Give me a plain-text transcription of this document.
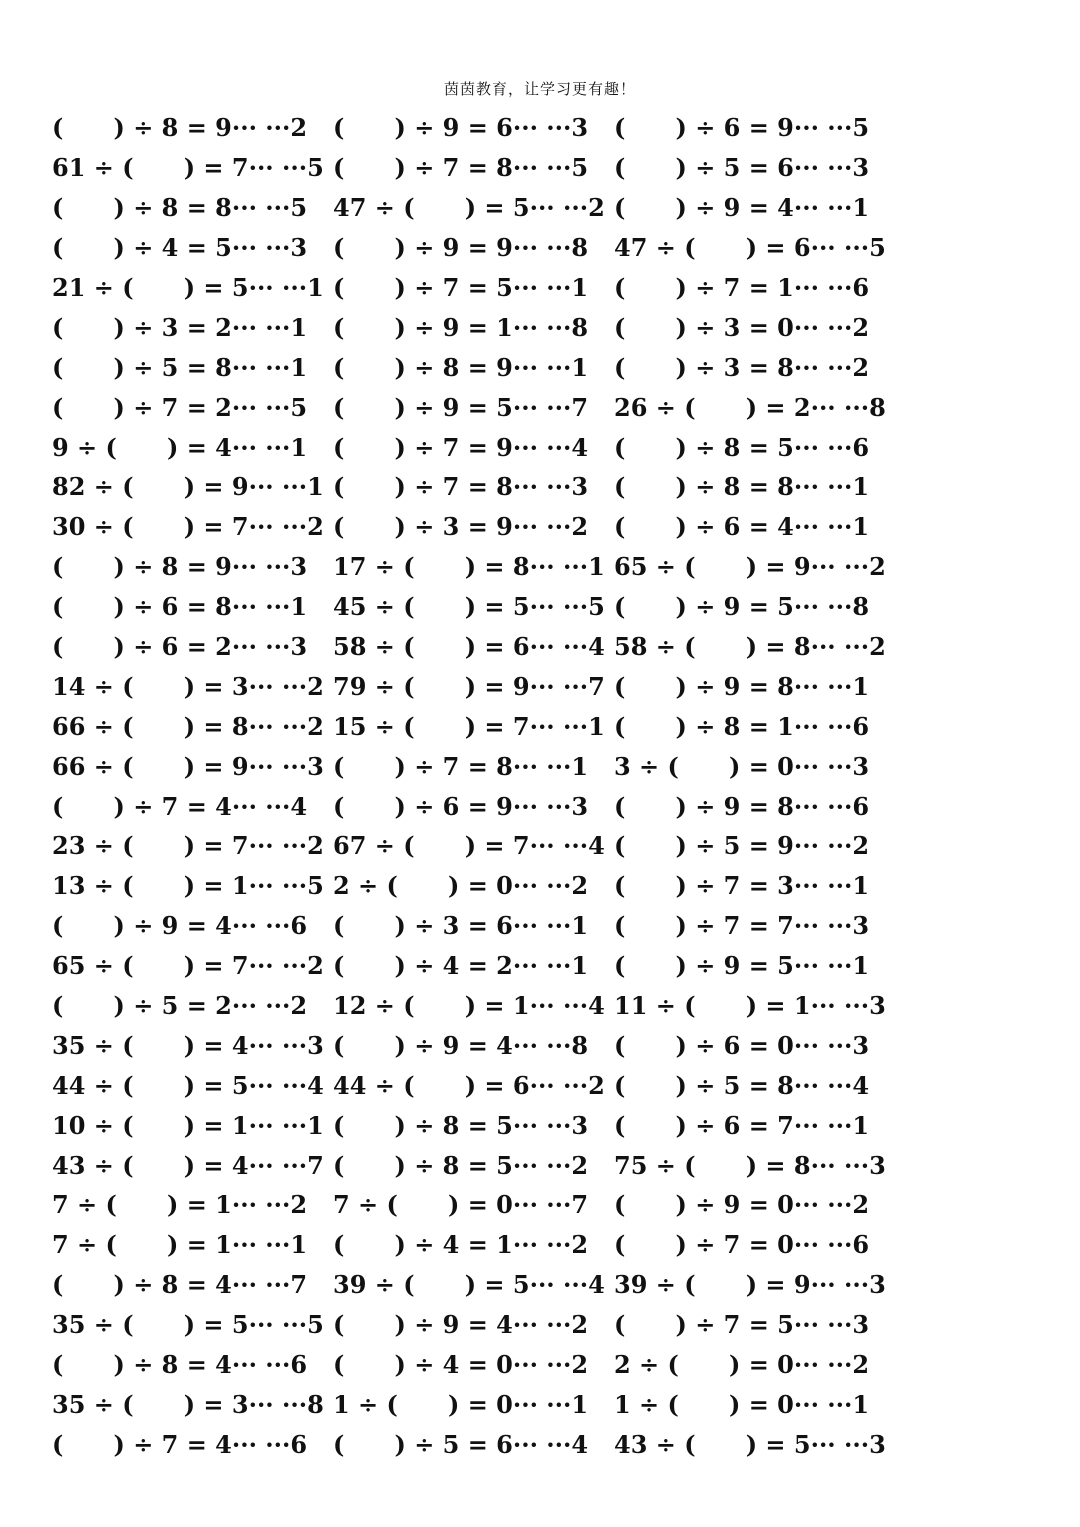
茵茵教育，让学习更有趣！
(      ) ÷ 8 = 9··· ···2	(      ) ÷ 9 = 6··· ···3	(      ) ÷ 6 = 9··· ···5
61 ÷ (      ) = 7··· ···5 (      ) ÷ 7 = 8··· ···5	(      ) ÷ 5 = 6··· ···3
(      ) ÷ 8 = 8··· ···5	47 ÷ (      ) = 5··· ···2 (      ) ÷ 9 = 4··· ···1
(      ) ÷ 4 = 5··· ···3	(      ) ÷ 9 = 9··· ···8	47 ÷ (      ) = 6··· ···5
21 ÷ (      ) = 5··· ···1 (      ) ÷ 7 = 5··· ···1	(      ) ÷ 7 = 1··· ···6
(      ) ÷ 3 = 2··· ···1	(      ) ÷ 9 = 1··· ···8	(      ) ÷ 3 = 0··· ···2
(      ) ÷ 5 = 8··· ···1	(      ) ÷ 8 = 9··· ···1	(      ) ÷ 3 = 8··· ···2
(      ) ÷ 7 = 2··· ···5	(      ) ÷ 9 = 5··· ···7	26 ÷ (      ) = 2··· ···8
9 ÷ (      ) = 4··· ···1	(      ) ÷ 7 = 9··· ···4	(      ) ÷ 8 = 5··· ···6
82 ÷ (      ) = 9··· ···1 (      ) ÷ 7 = 8··· ···3	(      ) ÷ 8 = 8··· ···1
30 ÷ (      ) = 7··· ···2 (      ) ÷ 3 = 9··· ···2	(      ) ÷ 6 = 4··· ···1
(      ) ÷ 8 = 9··· ···3	17 ÷ (      ) = 8··· ···1 65 ÷ (      ) = 9··· ···2
(      ) ÷ 6 = 8··· ···1	45 ÷ (      ) = 5··· ···5 (      ) ÷ 9 = 5··· ···8
(      ) ÷ 6 = 2··· ···3	58 ÷ (      ) = 6··· ···4 58 ÷ (      ) = 8··· ···2
14 ÷ (      ) = 3··· ···2 79 ÷ (      ) = 9··· ···7 (      ) ÷ 9 = 8··· ···1
66 ÷ (      ) = 8··· ···2 15 ÷ (      ) = 7··· ···1 (      ) ÷ 8 = 1··· ···6
66 ÷ (      ) = 9··· ···3 (      ) ÷ 7 = 8··· ···1	3 ÷ (      ) = 0··· ···3
(      ) ÷ 7 = 4··· ···4	(      ) ÷ 6 = 9··· ···3	(      ) ÷ 9 = 8··· ···6
23 ÷ (      ) = 7··· ···2 67 ÷ (      ) = 7··· ···4 (      ) ÷ 5 = 9··· ···2
13 ÷ (      ) = 1··· ···5 2 ÷ (      ) = 0··· ···2	(      ) ÷ 7 = 3··· ···1
(      ) ÷ 9 = 4··· ···6	(      ) ÷ 3 = 6··· ···1	(      ) ÷ 7 = 7··· ···3
65 ÷ (      ) = 7··· ···2 (      ) ÷ 4 = 2··· ···1	(      ) ÷ 9 = 5··· ···1
(      ) ÷ 5 = 2··· ···2	12 ÷ (      ) = 1··· ···4 11 ÷ (      ) = 1··· ···3
35 ÷ (      ) = 4··· ···3 (      ) ÷ 9 = 4··· ···8	(      ) ÷ 6 = 0··· ···3
44 ÷ (      ) = 5··· ···4 44 ÷ (      ) = 6··· ···2 (      ) ÷ 5 = 8··· ···4
10 ÷ (      ) = 1··· ···1 (      ) ÷ 8 = 5··· ···3	(      ) ÷ 6 = 7··· ···1
43 ÷ (      ) = 4··· ···7 (      ) ÷ 8 = 5··· ···2	75 ÷ (      ) = 8··· ···3
7 ÷ (      ) = 1··· ···2	7 ÷ (      ) = 0··· ···7	(      ) ÷ 9 = 0··· ···2
7 ÷ (      ) = 1··· ···1	(      ) ÷ 4 = 1··· ···2	(      ) ÷ 7 = 0··· ···6
(      ) ÷ 8 = 4··· ···7	39 ÷ (      ) = 5··· ···4 39 ÷ (      ) = 9··· ···3
35 ÷ (      ) = 5··· ···5 (      ) ÷ 9 = 4··· ···2	(      ) ÷ 7 = 5··· ···3
(      ) ÷ 8 = 4··· ···6	(      ) ÷ 4 = 0··· ···2	2 ÷ (      ) = 0··· ···2
35 ÷ (      ) = 3··· ···8 1 ÷ (      ) = 0··· ···1	1 ÷ (      ) = 0··· ···1
(      ) ÷ 7 = 4··· ···6	(      ) ÷ 5 = 6··· ···4	43 ÷ (      ) = 5··· ···3
